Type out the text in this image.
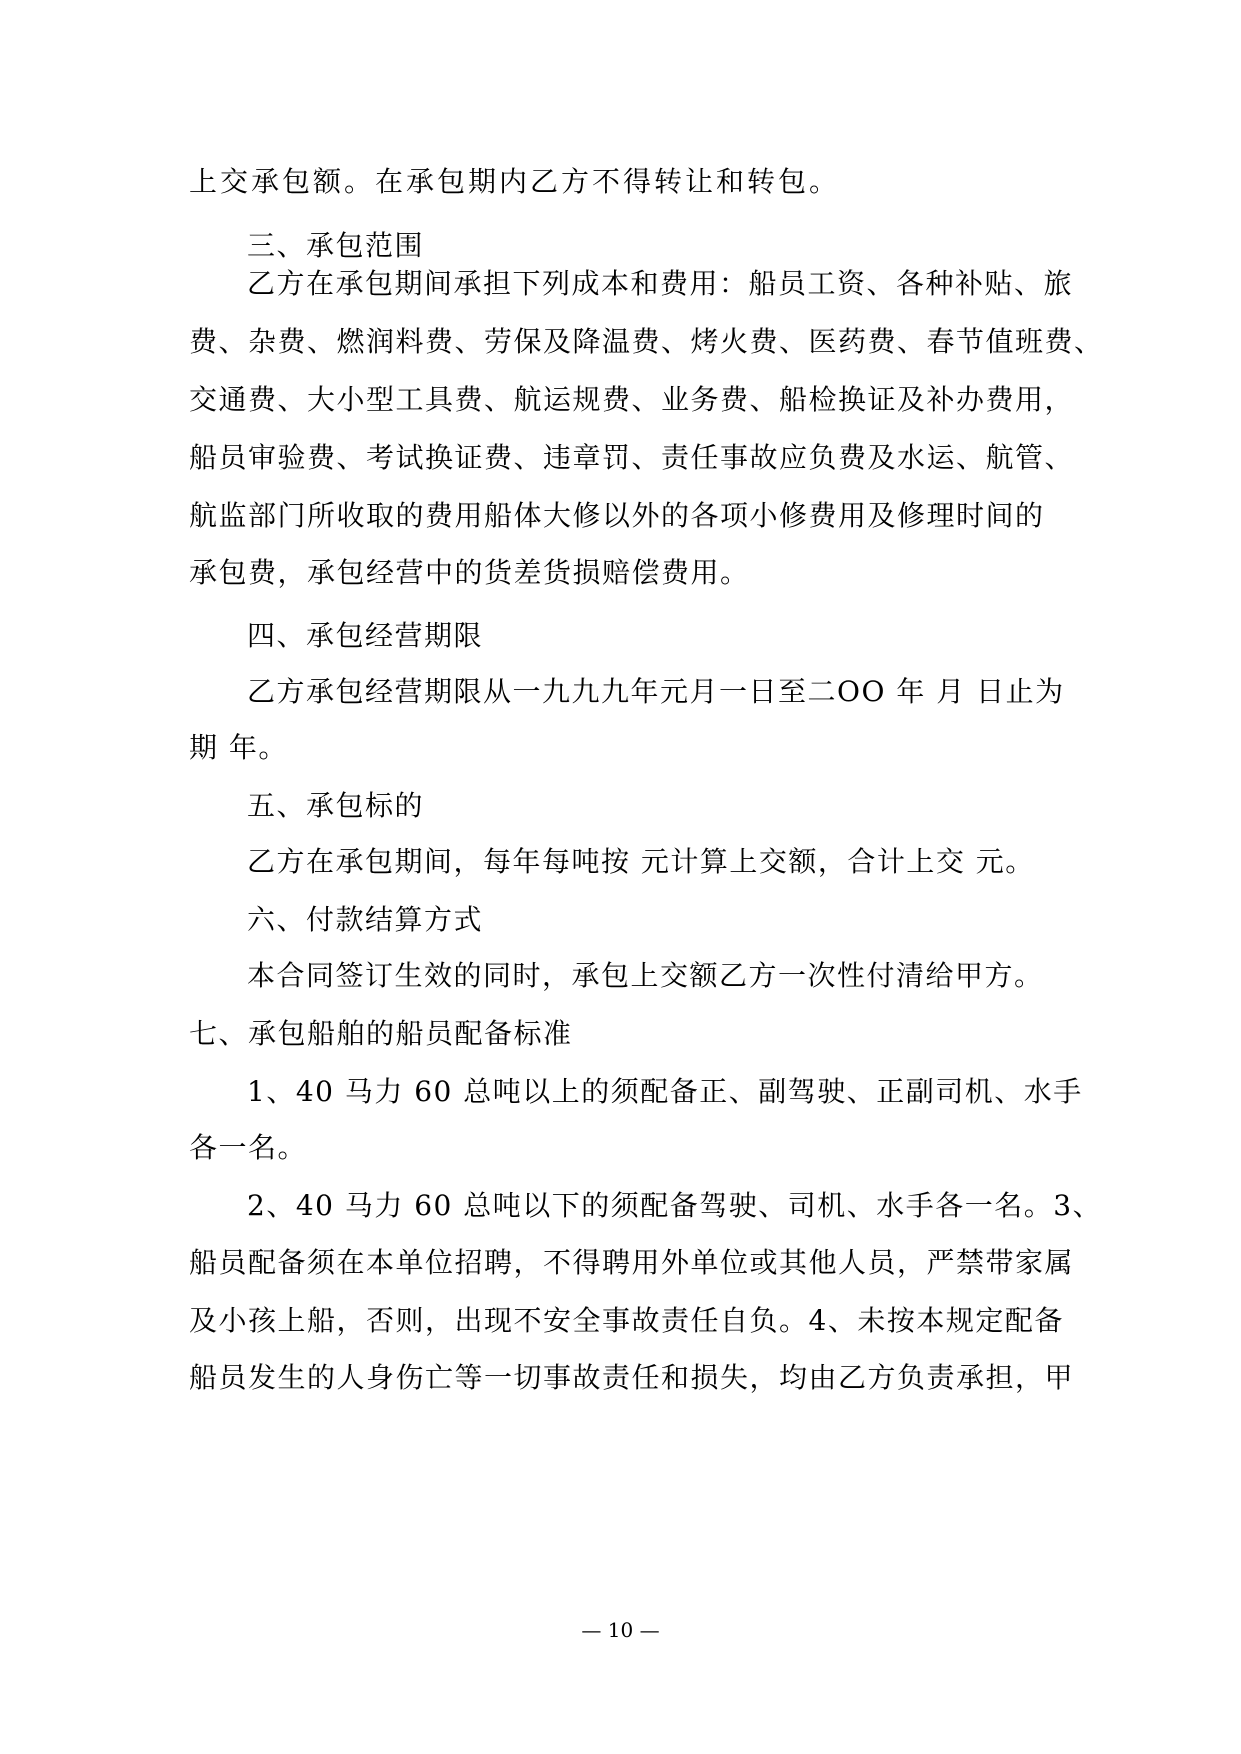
上交承包额。在承包期内乙方不得转让和转包。
三、承包范围
乙方在承包期间承担下列成本和费用：船员工资、各种补贴、旅
费、杂费、燃润料费、劳保及降温费、烤火费、医药费、春节值班费、
交通费、大小型工具费、航运规费、业务费、船检换证及补办费用，
船员审验费、考试换证费、违章罚、责任事故应负费及水运、航管、
航监部门所收取的费用船体大修以外的各项小修费用及修理时间的
承包费，承包经营中的货差货损赔偿费用。
四、承包经营期限
乙方承包经营期限从一九九九年元月一日至二OO 年 月 日止为
期 年。
五、承包标的
乙方在承包期间，每年每吨按 元计算上交额，合计上交 元。
六、付款结算方式
本合同签订生效的同时，承包上交额乙方一次性付清给甲方。
七、承包船舶的船员配备标准
1、40 马力 60 总吨以上的须配备正、副驾驶、正副司机、水手
各一名。
2、40 马力 60 总吨以下的须配备驾驶、司机、水手各一名。3、
船员配备须在本单位招聘，不得聘用外单位或其他人员，严禁带家属
及小孩上船，否则，出现不安全事故责任自负。4、未按本规定配备
船员发生的人身伤亡等一切事故责任和损失，均由乙方负责承担，甲
— 10 —
